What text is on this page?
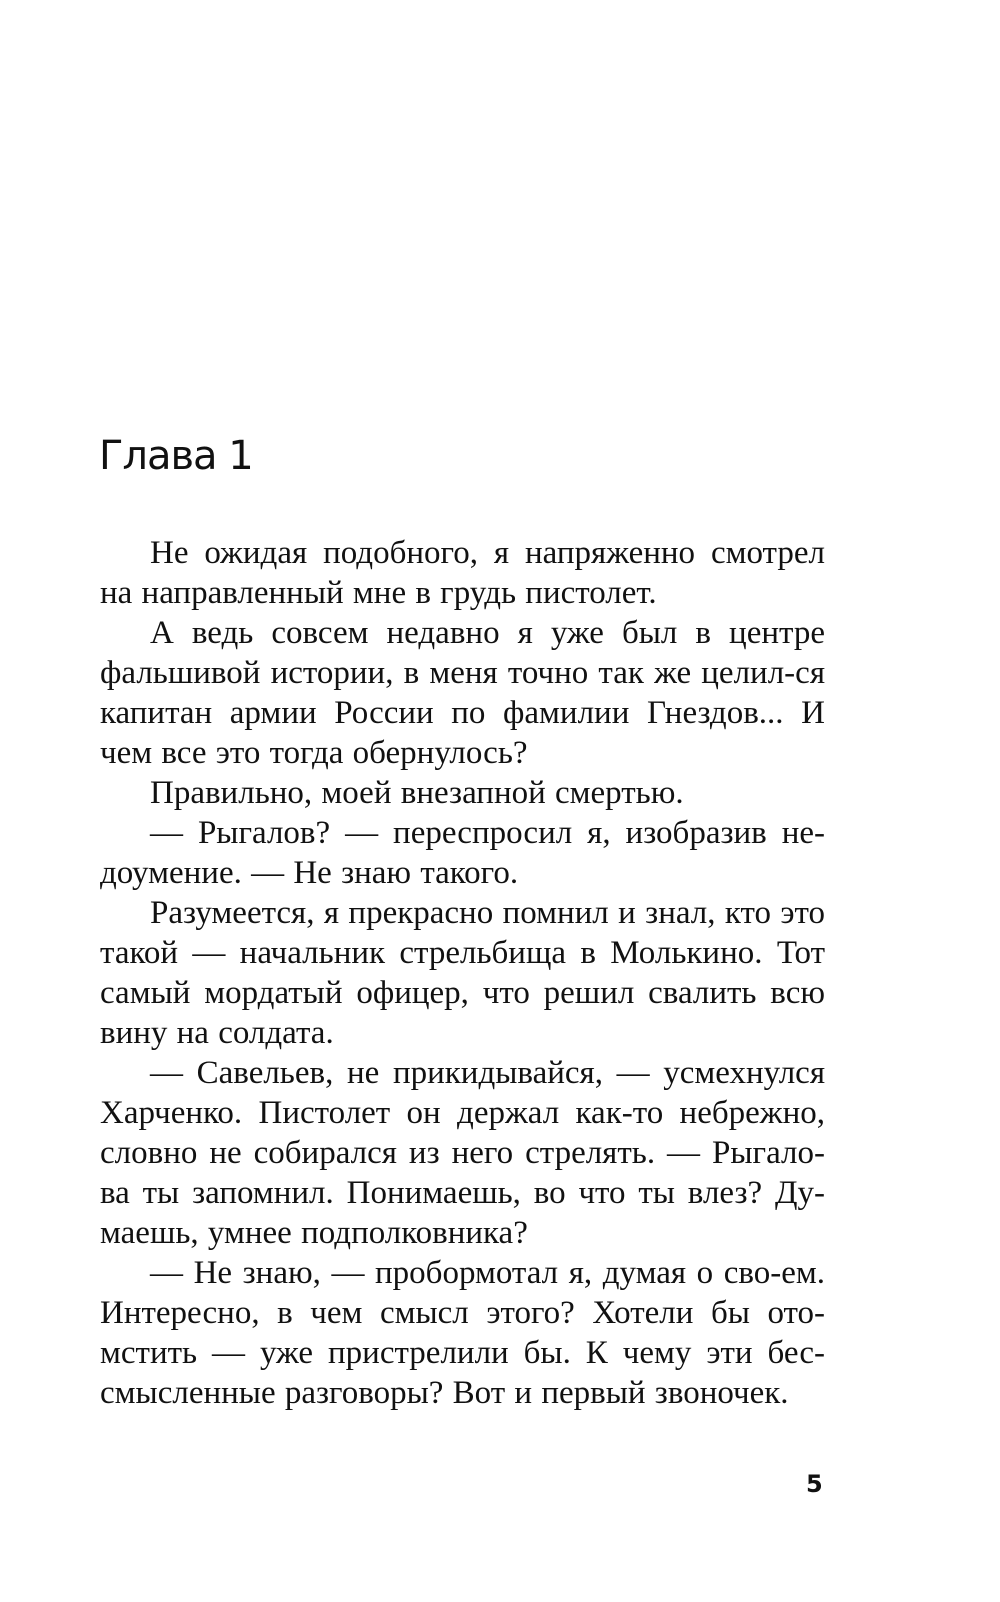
Глава 1

Не ожидая подобного, я напряженно смотрел на направленный мне в грудь пистолет.

А ведь совсем недавно я уже был в центре фальшивой истории, в меня точно так же целил-ся капитан армии России по фамилии Гнездов... И чем все это тогда обернулось?

Правильно, моей внезапной смертью.

— Рыгалов? — переспросил я, изобразив не-доумение. — Не знаю такого.

Разумеется, я прекрасно помнил и знал, кто это такой — начальник стрельбища в Молькино. Тот самый мордатый офицер, что решил свалить всю вину на солдата.

— Савельев, не прикидывайся, — усмехнулся Харченко. Пистолет он держал как-то небрежно, словно не собирался из него стрелять. — Рыгало-ва ты запомнил. Понимаешь, во что ты влез? Ду-маешь, умнее подполковника?

— Не знаю, — пробормотал я, думая о сво-ем. Интересно, в чем смысл этого? Хотели бы ото-мстить — уже пристрелили бы. К чему эти бес-смысленные разговоры? Вот и первый звоночек.

5
